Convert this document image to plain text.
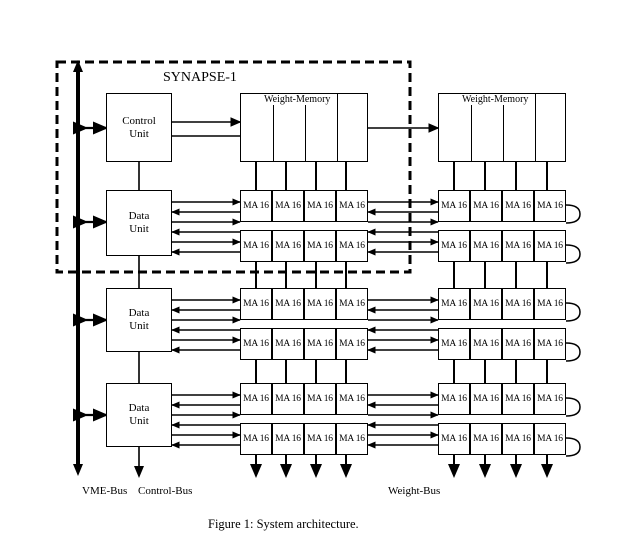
SYNAPSE-1
Control
Unit
Weight-Memory	Weight-Memory
Data
Unit
Data
Unit
Data
Unit
MA 16 MA 16 MA 16 MA 16
MA 16 MA 16 MA 16 MA 16
MA 16 MA 16 MA 16 MA 16
MA 16 MA 16 MA 16 MA 16
MA 16 MA 16 MA 16 MA 16
MA 16 MA 16 MA 16 MA 16
MA 16 MA 16 MA 16 MA 16
MA 16 MA 16 MA 16 MA 16
MA 16 MA 16 MA 16 MA 16
MA 16 MA 16 MA 16 MA 16
MA 16 MA 16 MA 16 MA 16
MA 16 MA 16 MA 16 MA 16
VME-Bus Control-Bus	Weight-Bus
Figure 1: System architecture.
